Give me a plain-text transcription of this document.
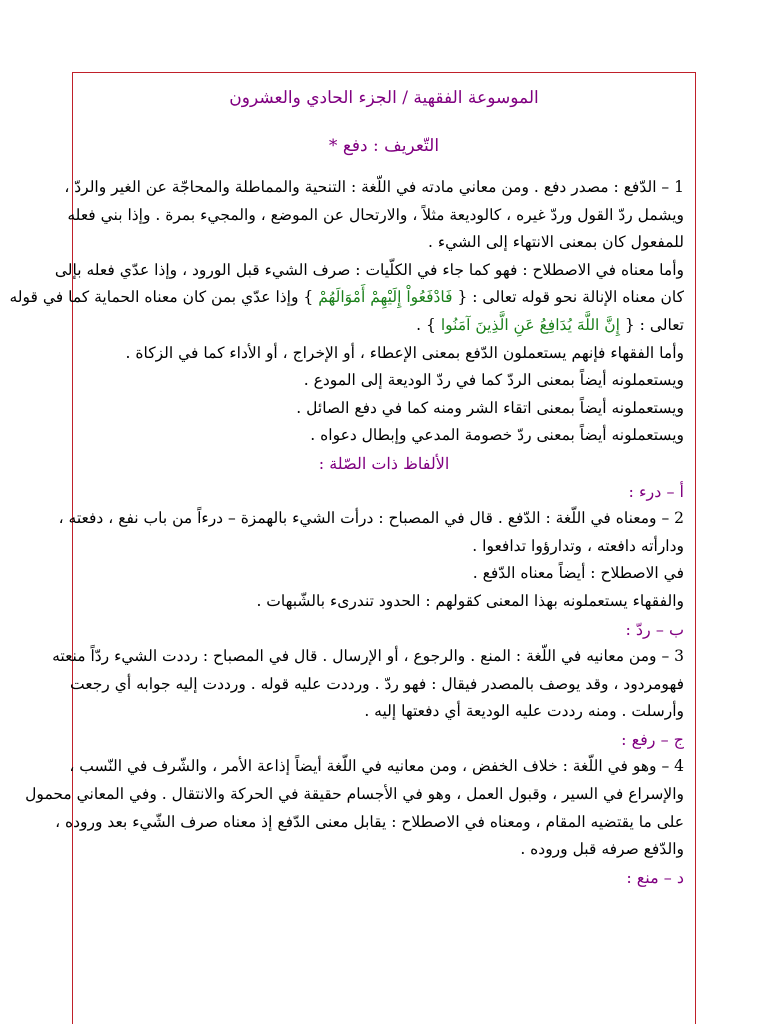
الموسوعة الفقهية / الجزء الحادي والعشرون
التّعريف : دفع *
1 – الدّفع : مصدر دفع . ومن معاني مادته في اللّغة : التنحية والمماطلة والمحاجّة عن الغير والردّ ،
ويشمل ردّ القول وردّ غيره ، كالوديعة مثلاً ، والارتحال عن الموضع ، والمجيء بمرة . وإذا بني فعله
للمفعول كان بمعنى الانتهاء إلى الشيء .
وأما معناه في الاصطلاح : فهو كما جاء في الكلّيات : صرف الشيء قبل الورود ، وإذا عدّي فعله بإلى
كان معناه الإنالة نحو قوله تعالى : { فَادْفَعُواْ إِلَيْهِمْ أَمْوَالَهُمْ } وإذا عدّي بمن كان معناه الحماية كما في قوله
تعالى : { إِنَّ اللَّهَ يُدَافِعُ عَنِ الَّذِينَ آمَنُوا } .
وأما الفقهاء فإنهم يستعملون الدّفع بمعنى الإعطاء ، أو الإخراج ، أو الأداء كما في الزكاة .
ويستعملونه أيضاً بمعنى الردّ كما في ردّ الوديعة إلى المودع .
ويستعملونه أيضاً بمعنى اتقاء الشر ومنه كما في دفع الصائل .
ويستعملونه أيضاً بمعنى ردّ خصومة المدعي وإبطال دعواه .
الألفاظ ذات الصّلة :
أ – درء :
2 – ومعناه في اللّغة : الدّفع . قال في المصباح : درأت الشيء بالهمزة – درءاً من باب نفع ، دفعته ،
ودارأته دافعته ، وتدارؤوا تدافعوا .
في الاصطلاح : أيضاً معناه الدّفع .
والفقهاء يستعملونه بهذا المعنى كقولهم : الحدود تندرىء بالشّبهات .
ب – ردّ :
3 – ومن معانيه في اللّغة : المنع . والرجوع ، أو الإرسال . قال في المصباح : رددت الشيء ردّاً منعته
فهومردود ، وقد يوصف بالمصدر فيقال : فهو ردّ . ورددت عليه قوله . ورددت إليه جوابه أي رجعت
وأرسلت . ومنه رددت عليه الوديعة أي دفعتها إليه .
ج – رفع :
4 – وهو في اللّغة : خلاف الخفض ، ومن معانيه في اللّغة أيضاً إذاعة الأمر ، والشّرف في النّسب ،
والإسراع في السير ، وقبول العمل ، وهو في الأجسام حقيقة في الحركة والانتقال . وفي المعاني محمول
على ما يقتضيه المقام ، ومعناه في الاصطلاح : يقابل معنى الدّفع إذ معناه صرف الشّيء بعد وروده ،
والدّفع صرفه قبل وروده .
د – منع :
